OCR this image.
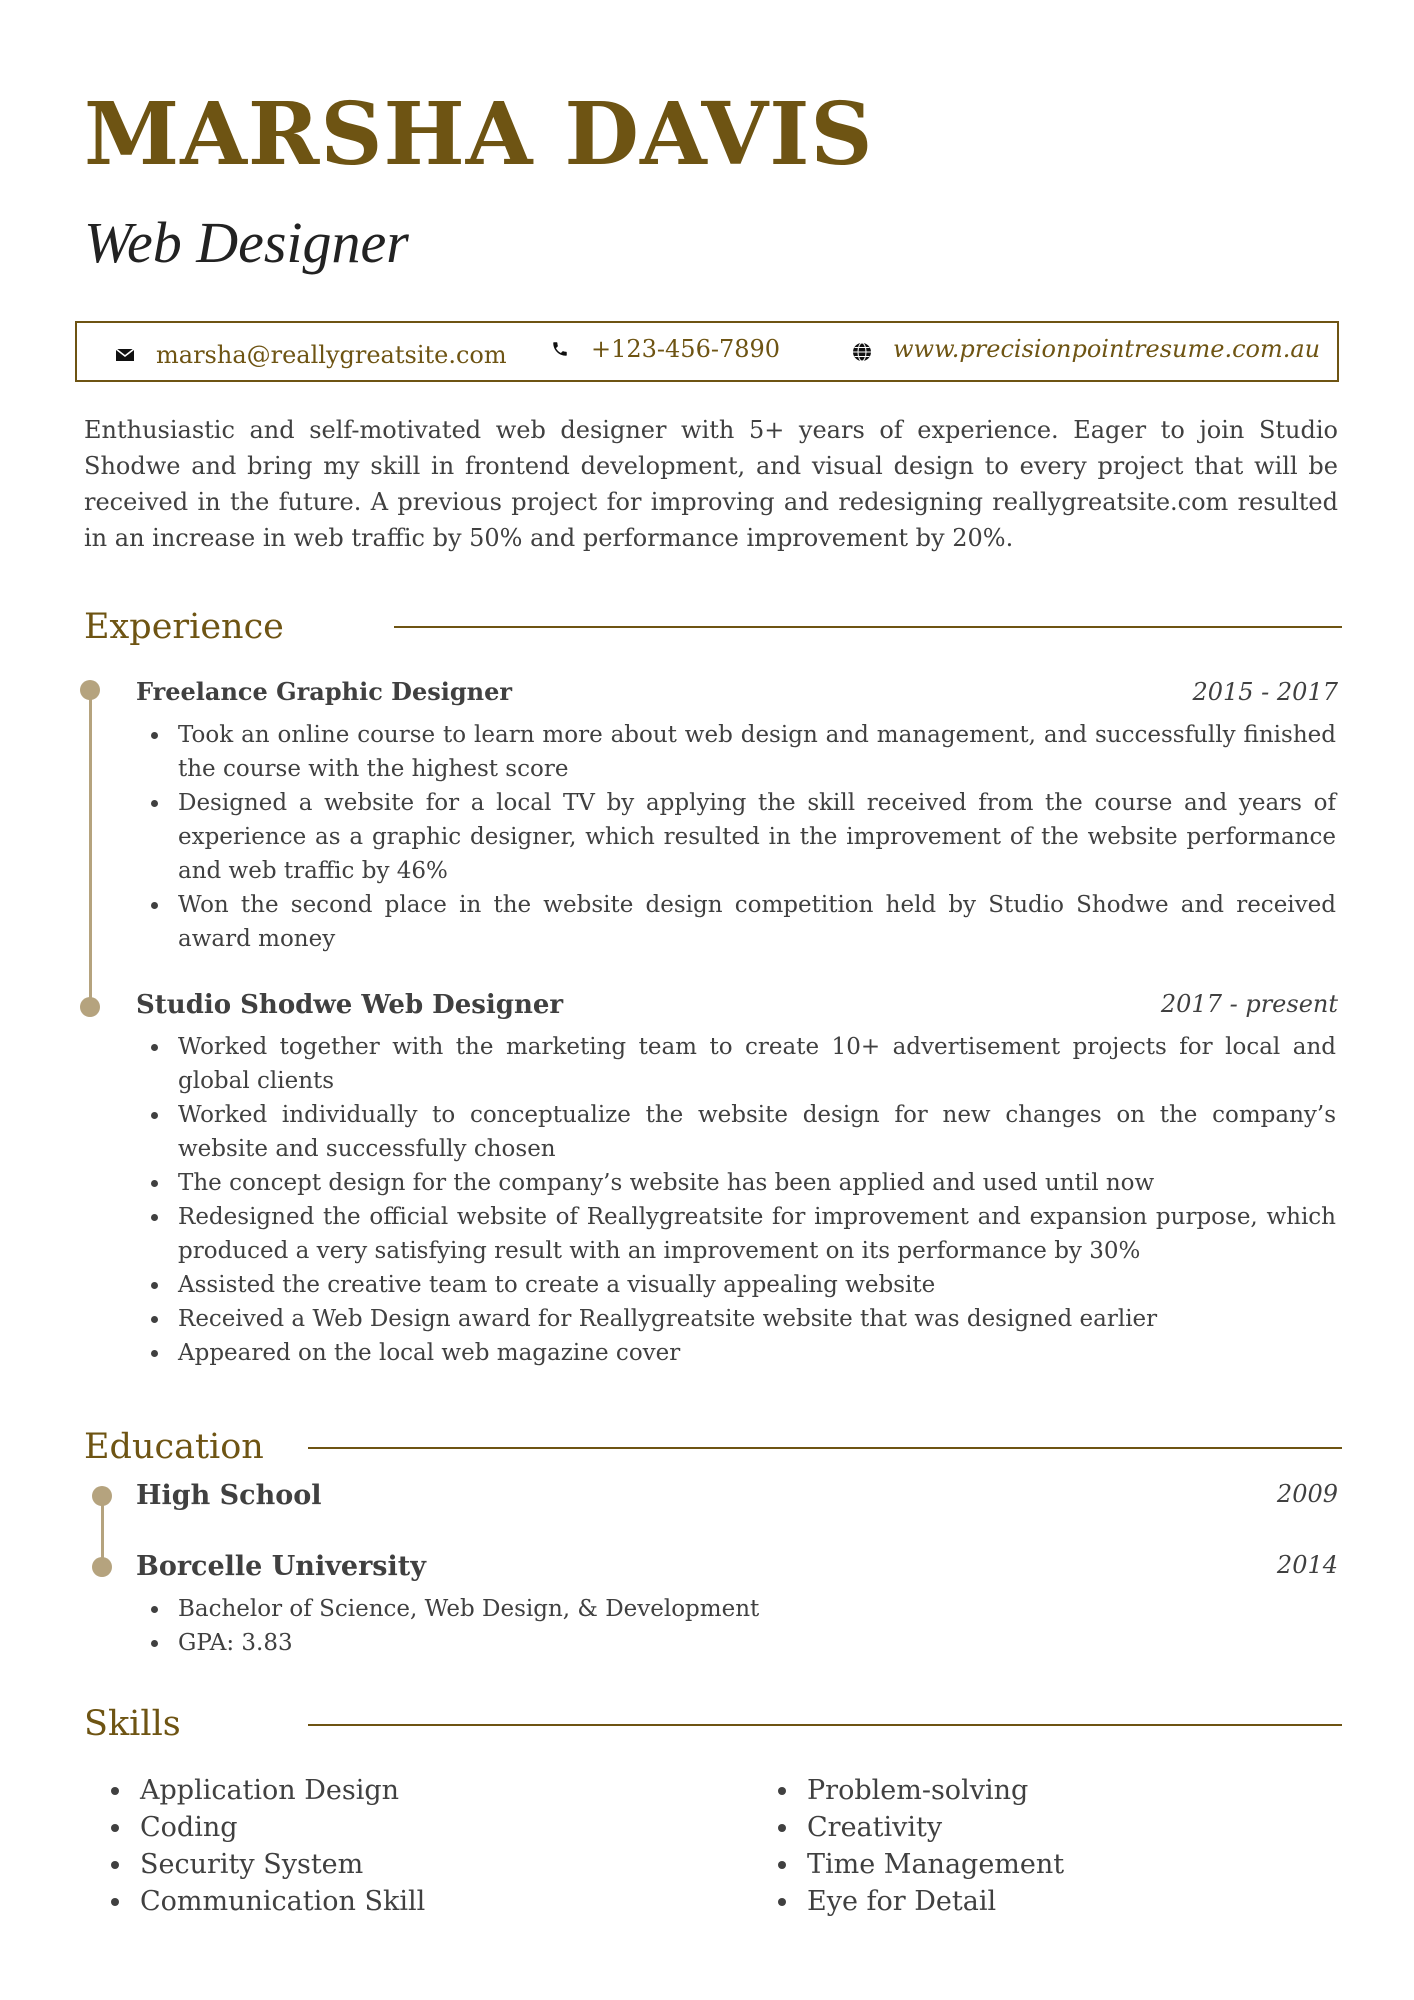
MARSHA DAVIS
Web Designer
marsha@reallygreatsite.com	+123-456-7890	www.precisionpointresume.com.au

Enthusiastic and self-motivated web designer with 5+ years of experience. Eager to join Studio Shodwe and bring my skill in frontend development, and visual design to every project that will be received in the future. A previous project for improving and redesigning reallygreatsite.com resulted in an increase in web traffic by 50% and performance improvement by 20%.

Experience
Freelance Graphic Designer	2015 - 2017
Took an online course to learn more about web design and management, and successfully finished the course with the highest score
Designed a website for a local TV by applying the skill received from the course and years of experience as a graphic designer, which resulted in the improvement of the website performance and web traffic by 46%
Won the second place in the website design competition held by Studio Shodwe and received award money
Studio Shodwe Web Designer	2017 - present
Worked together with the marketing team to create 10+ advertisement projects for local and global clients
Worked individually to conceptualize the website design for new changes on the company’s website and successfully chosen
The concept design for the company’s website has been applied and used until now
Redesigned the official website of Reallygreatsite for improvement and expansion purpose, which produced a very satisfying result with an improvement on its performance by 30%
Assisted the creative team to create a visually appealing website
Received a Web Design award for Reallygreatsite website that was designed earlier
Appeared on the local web magazine cover
Education
High School	2009
Borcelle University	2014
Bachelor of Science, Web Design, & Development
GPA: 3.83
Skills
Application Design
Coding
Security System
Communication Skill
Problem-solving
Creativity
Time Management
Eye for Detail
